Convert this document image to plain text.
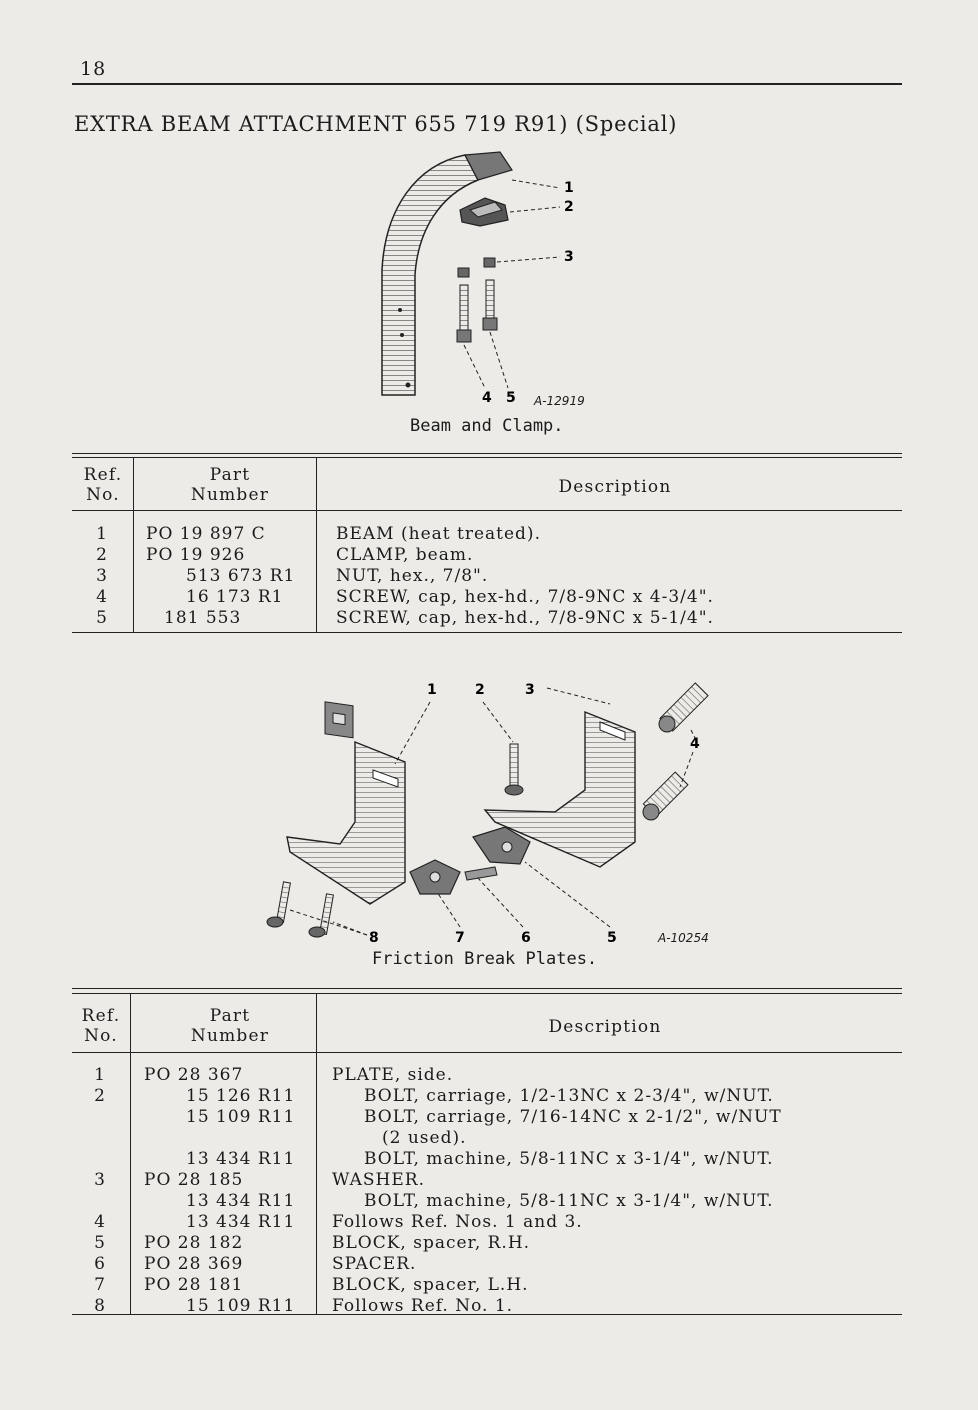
18
EXTRA BEAM ATTACHMENT 655 719 R91) (Special)
1
2
3
4 5 A-12919
Beam and Clamp.
Ref.
No.
Part
Number	Description
1	PO 19 897 C	BEAM (heat treated).
2	PO 19 926	CLAMP, beam.
3	513 673 R1 NUT, hex., 7/8".
4	16 173 R1	SCREW, cap, hex-hd., 7/8-9NC x 4-3/4".
5	181 553	SCREW, cap, hex-hd., 7/8-9NC x 5-1/4".
1	2	3
4
5
6
7
8	A-10254
Friction Break Plates.
Ref.
No.
Part
Number	Description
1	PO 28 367	PLATE, side.
2	15 126 R11	BOLT, carriage, 1/2-13NC x 2-3/4", w/NUT.
15 109 R11	BOLT, carriage, 7/16-14NC x 2-1/2", w/NUT
(2 used).
13 434 R11	BOLT, machine, 5/8-11NC x 3-1/4", w/NUT.
3	PO 28 185	WASHER.
13 434 R11	BOLT, machine, 5/8-11NC x 3-1/4", w/NUT.
4	13 434 R11 Follows Ref. Nos. 1 and 3.
5	PO 28 182	BLOCK, spacer, R.H.
6	PO 28 369	SPACER.
7	PO 28 181	BLOCK, spacer, L.H.
8	15 109 R11 Follows Ref. No. 1.
